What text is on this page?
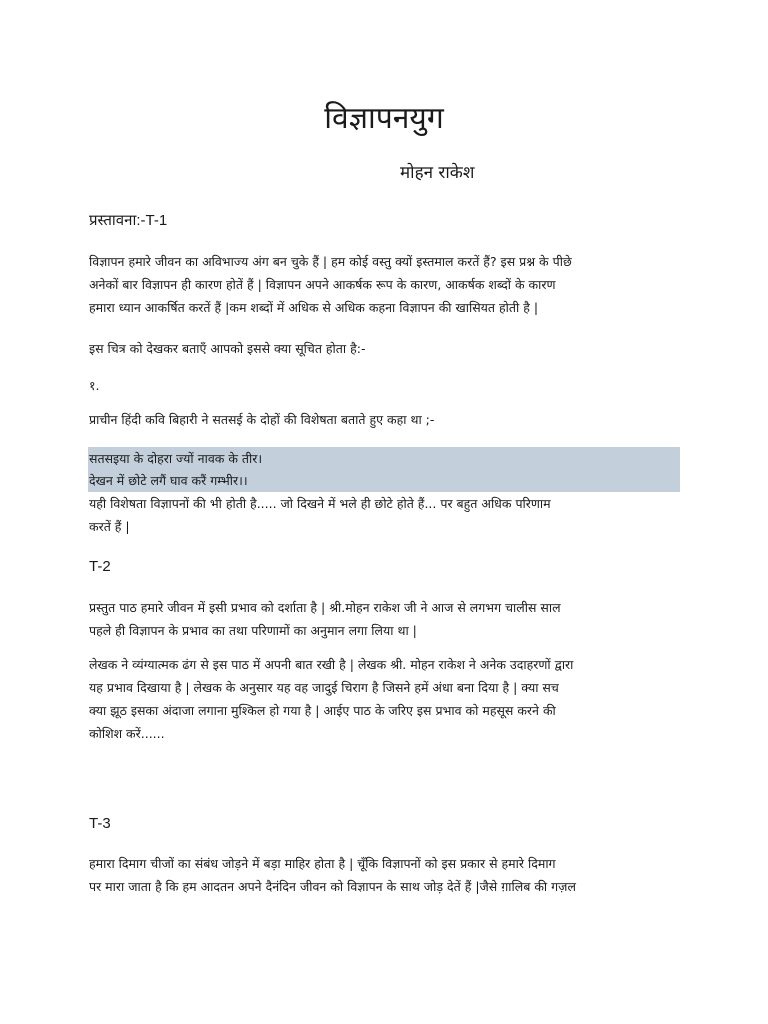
विज्ञापनयुग
मोहन राकेश
प्रस्तावना:-T-1

विज्ञापन हमारे जीवन का अविभाज्य अंग बन चुके हैं | हम कोई वस्तु क्यों इस्तमाल करतें हैं? इस प्रश्न के पीछे

अनेकों बार विज्ञापन ही कारण होतें हैं | विज्ञापन अपने आकर्षक रूप के कारण, आकर्षक शब्दों के कारण

हमारा ध्यान आकर्षित करतें हैं |कम शब्दों में अधिक से अधिक कहना विज्ञापन की खासियत होती है |

इस चित्र को देखकर बताएँ आपको इससे क्या सूचित होता है:-
१.
प्राचीन हिंदी कवि बिहारी ने सतसई के दोहों की विशेषता बताते हुए कहा था ;-
सतसइया के दोहरा ज्यों नावक के तीर।
देखन में छोटे लगैं घाव करैं गम्भीर।।

यही विशेषता विज्ञापनों की भी होती है..... जो दिखने में भले ही छोटे होते हैं... पर बहुत अधिक परिणाम

करतें हैं |

T-2

प्रस्तुत पाठ हमारे जीवन में इसी प्रभाव को दर्शाता है | श्री.मोहन राकेश जी ने आज से लगभग चालीस साल

पहले ही विज्ञापन के प्रभाव का तथा परिणामों का अनुमान लगा लिया था |

लेखक ने व्यंग्यात्मक ढंग से इस पाठ में अपनी बात रखी है | लेखक श्री. मोहन राकेश ने अनेक उदाहरणों द्वारा

यह प्रभाव दिखाया है | लेखक के अनुसार यह वह जादुई चिराग है जिसने हमें अंधा बना दिया है | क्या सच

क्या झूठ इसका अंदाजा लगाना मुश्किल हो गया है | आईए पाठ के जरिए इस प्रभाव को महसूस करने की

कोशिश करें......

T-3

हमारा दिमाग चीजों का संबंध जोड़ने में बड़ा माहिर होता है | चूँकि विज्ञापनों को इस प्रकार से हमारे दिमाग

पर मारा जाता है कि हम आदतन अपने दैनंदिन जीवन को विज्ञापन के साथ जोड़ देतें हैं |जैसे ग़ालिब की गज़ल
